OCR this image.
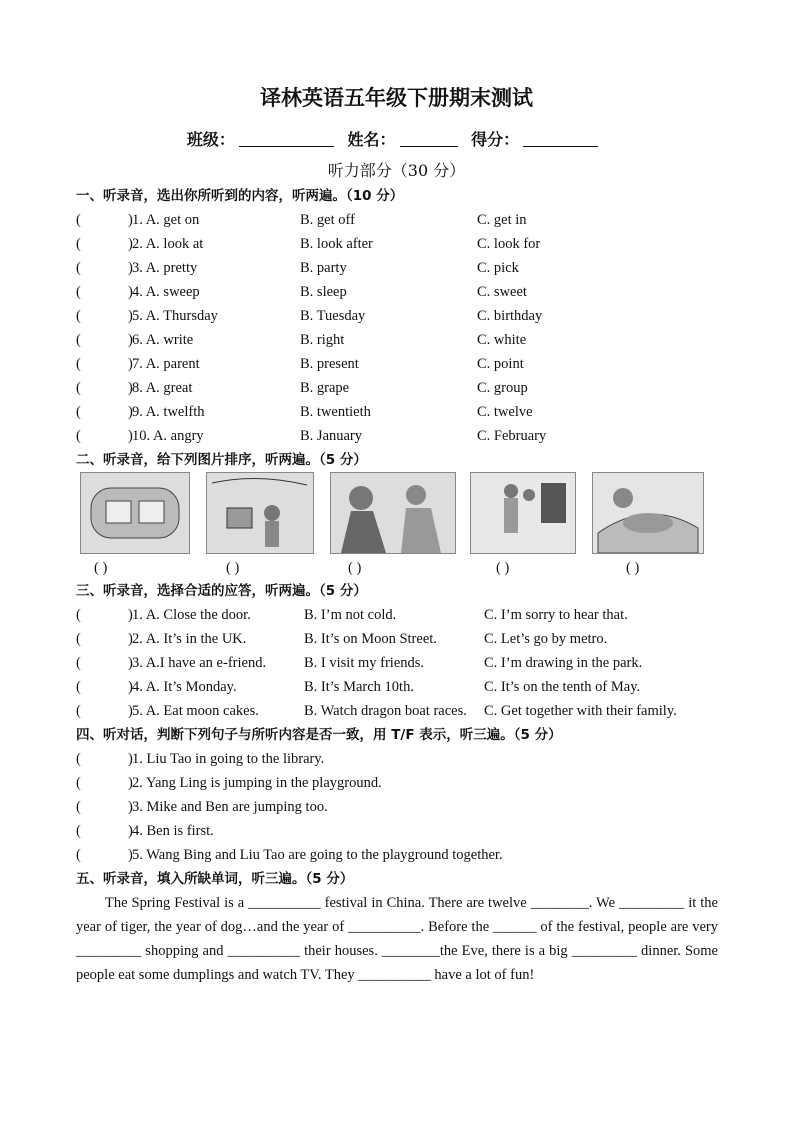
译林英语五年级下册期末测试
班级：	姓名：	得分：
听力部分（30 分）
一、听录音，选出你所听到的内容，听两遍。（10 分）
(	) 1. A. get on	B. get off	C. get in
(	) 2. A. look at	B. look after	C. look for
(	) 3. A. pretty	B. party	C. pick
(	) 4. A. sweep	B. sleep	C. sweet
(	) 5. A. Thursday	B. Tuesday	C. birthday
(	) 6. A. write	B. right	C. white
(	) 7. A. parent	B. present	C. point
(	) 8. A. great	B. grape	C. group
(	) 9. A. twelfth	B. twentieth	C. twelve
(	) 10. A. angry	B. January	C. February
二、听录音，给下列图片排序，听两遍。（5 分）
( )	( )	( )	( )	( )
三、听录音，选择合适的应答，听两遍。（5 分）
(	) 1. A. Close the door.	B. I’m not cold.	C. I’m sorry to hear that.
(	) 2. A. It’s in the UK.	B. It’s on Moon Street.	C. Let’s go by metro.
(	) 3. A.I have an e-friend.	B. I visit my friends.	C. I’m drawing in the park.
(	) 4. A. It’s Monday.	B. It’s March 10th.	C. It’s on the tenth of May.
(	) 5. A. Eat moon cakes.	B. Watch dragon boat races. C. Get together with their family.
四、听对话，判断下列句子与所听内容是否一致，用 T/F 表示，听三遍。（5 分）
(	) 1. Liu Tao in going to the library.
(	) 2. Yang Ling is jumping in the playground.
(	) 3. Mike and Ben are jumping too.
(	) 4. Ben is first.
(	) 5. Wang Bing and Liu Tao are going to the playground together.
五、听录音，填入所缺单词，听三遍。（5 分）
The Spring Festival is a __________ festival in China. There are twelve ________. We _________ it the year of tiger, the year of dog…and the year of __________. Before the ______ of the festival, people are very _________ shopping and __________ their houses. ________the Eve, there is a big _________ dinner. Some people eat some dumplings and watch TV. They __________ have a lot of fun!
